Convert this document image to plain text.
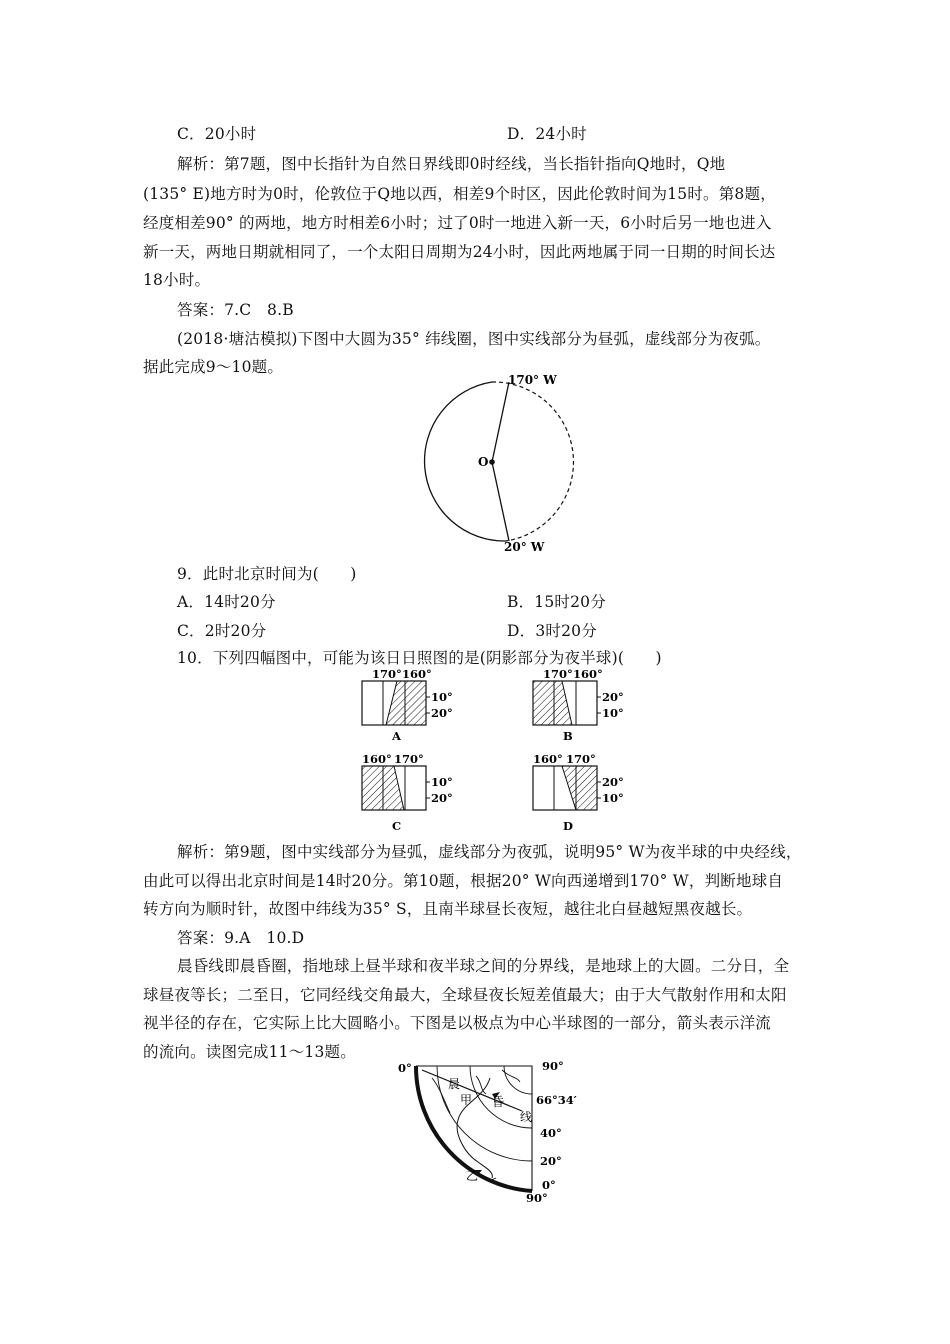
C．20小时	D．24小时
解析：第7题，图中长指针为自然日界线即0时经线，当长指针指向Q地时，Q地
(135° E)地方时为0时，伦敦位于Q地以西，相差9个时区，因此伦敦时间为15时。第8题，
经度相差90° 的两地，地方时相差6小时；过了0时一地进入新一天，6小时后另一地也进入
新一天，两地日期就相同了，一个太阳日周期为24小时，因此两地属于同一日期的时间长达
18小时。
答案：7.C　8.B
(2018·塘沽模拟)下图中大圆为35° 纬线圈，图中实线部分为昼弧，虚线部分为夜弧。
据此完成9～10题。
170° W
20° W
O
9．此时北京时间为(　　)
A．14时20分	B．15时20分
C．2时20分	D．3时20分
10．下列四幅图中，可能为该日日照图的是(阴影部分为夜半球)(　　)
170° 160°
10°
20°
A
170° 160°
20°
10°
B
160° 170°
10°
20°
C
160° 170°
20°
10°
D
解析：第9题，图中实线部分为昼弧，虚线部分为夜弧，说明95° W为夜半球的中央经线，
由此可以得出北京时间是14时20分。第10题，根据20° W向西递增到170° W，判断地球自
转方向为顺时针，故图中纬线为35° S，且南半球昼长夜短，越往北白昼越短黑夜越长。
答案：9.A　10.D
晨昏线即晨昏圈，指地球上昼半球和夜半球之间的分界线，是地球上的大圆。二分日，全
球昼夜等长；二至日，它同经线交角最大，全球昼夜长短差值最大；由于大气散射作用和太阳
视半径的存在，它实际上比大圆略小。下图是以极点为中心半球图的一部分，箭头表示洋流
的流向。读图完成11～13题。
0°	90°
66°34′
40°
20°
0°
90°
晨
甲 昏
线
乙
